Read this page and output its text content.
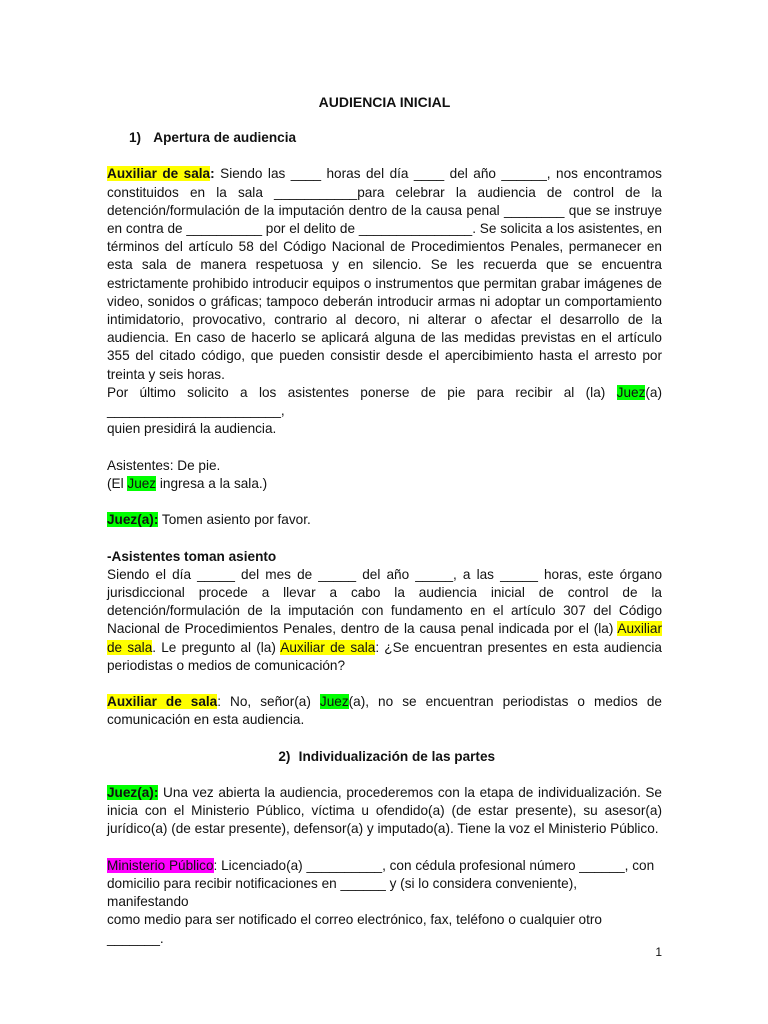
AUDIENCIA INICIAL
1) Apertura de audiencia

Auxiliar de sala: Siendo las ____ horas del día ____ del año ______, nos encontramos constituidos en la sala ___________para celebrar la audiencia de control de la detención/formulación de la imputación dentro de la causa penal ________ que se instruye en contra de __________ por el delito de _______________. Se solicita a los asistentes, en términos del artículo 58 del Código Nacional de Procedimientos Penales, permanecer en esta sala de manera respetuosa y en silencio. Se les recuerda que se encuentra estrictamente prohibido introducir equipos o instrumentos que permitan grabar imágenes de video, sonidos o gráficas; tampoco deberán introducir armas ni adoptar un comportamiento intimidatorio, provocativo, contrario al decoro, ni alterar o afectar el desarrollo de la audiencia. En caso de hacerlo se aplicará alguna de las medidas previstas en el artículo 355 del citado código, que pueden consistir desde el apercibimiento hasta el arresto por treinta y seis horas.

Por último solicito a los asistentes ponerse de pie para recibir al (la) Juez(a) _______________________,

quien presidirá la audiencia.

Asistentes: De pie.

(El Juez ingresa a la sala.)

Juez(a): Tomen asiento por favor.

-Asistentes toman asiento

Siendo el día _____ del mes de _____ del año _____, a las _____ horas, este órgano jurisdiccional procede a llevar a cabo la audiencia inicial de control de la detención/formulación de la imputación con fundamento en el artículo 307 del Código Nacional de Procedimientos Penales, dentro de la causa penal indicada por el (la) Auxiliar de sala. Le pregunto al (la) Auxiliar de sala: ¿Se encuentran presentes en esta audiencia periodistas o medios de comunicación?

Auxiliar de sala: No, señor(a) Juez(a), no se encuentran periodistas o medios de comunicación en esta audiencia.

2) Individualización de las partes

Juez(a): Una vez abierta la audiencia, procederemos con la etapa de individualización. Se inicia con el Ministerio Público, víctima u ofendido(a) (de estar presente), su asesor(a) jurídico(a) (de estar presente), defensor(a) y imputado(a). Tiene la voz el Ministerio Público.

Ministerio Público: Licenciado(a) __________, con cédula profesional número ______, con
domicilio para recibir notificaciones en ______ y (si lo considera conveniente), manifestando
como medio para ser notificado el correo electrónico, fax, teléfono o cualquier otro _______.

1
